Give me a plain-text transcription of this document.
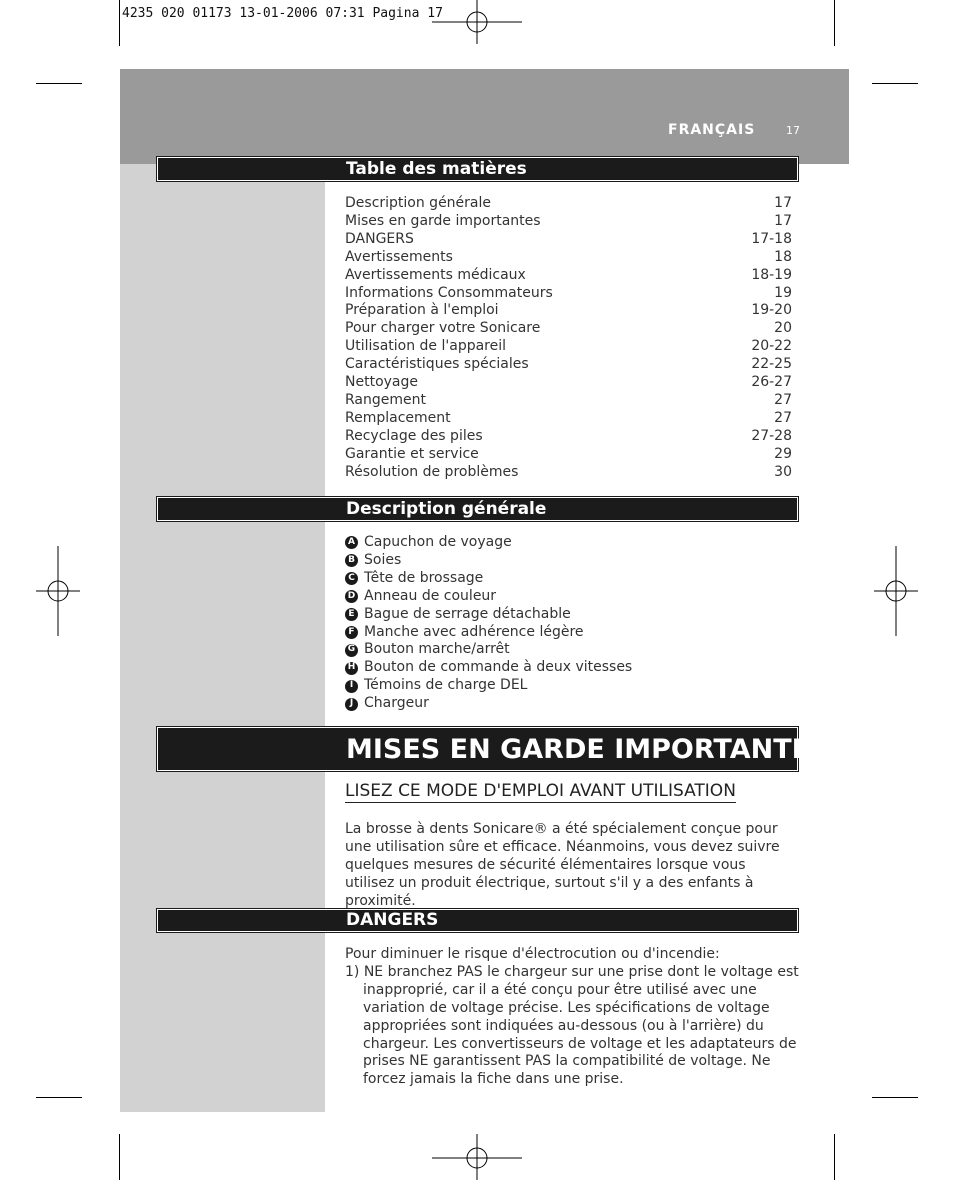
4235 020 01173 13-01-2006 07:31 Pagina 17
FRANÇAIS	17
Table des matières
Description générale	17
Mises en garde importantes	17
DANGERS	17-18
Avertissements	18
Avertissements médicaux	18-19
Informations Consommateurs	19
Préparation à l'emploi	19-20
Pour charger votre Sonicare	20
Utilisation de l'appareil	20-22
Caractéristiques spéciales	22-25
Nettoyage	26-27
Rangement	27
Remplacement	27
Recyclage des piles	27-28
Garantie et service	29
Résolution de problèmes	30
Description générale
A Capuchon de voyage
B Soies
C Tête de brossage
D Anneau de couleur
E Bague de serrage détachable
F Manche avec adhérence légère
G Bouton marche/arrêt
H Bouton de commande à deux vitesses
I Témoins de charge DEL
J Chargeur
MISES EN GARDE IMPORTANTES
LISEZ CE MODE D'EMPLOI AVANT UTILISATION
La brosse à dents Sonicare® a été spécialement conçue pour une utilisation sûre et efficace. Néanmoins, vous devez suivre quelques mesures de sécurité élémentaires lorsque vous utilisez un produit électrique, surtout s'il y a des enfants à proximité.
DANGERS
Pour diminuer le risque d'électrocution ou d'incendie:
1) NE branchez PAS le chargeur sur une prise dont le voltage est inapproprié, car il a été conçu pour être utilisé avec une variation de voltage précise. Les spécifications de voltage appropriées sont indiquées au-dessous (ou à l'arrière) du chargeur. Les convertisseurs de voltage et les adaptateurs de prises NE garantissent PAS la compatibilité de voltage. Ne forcez jamais la fiche dans une prise.
